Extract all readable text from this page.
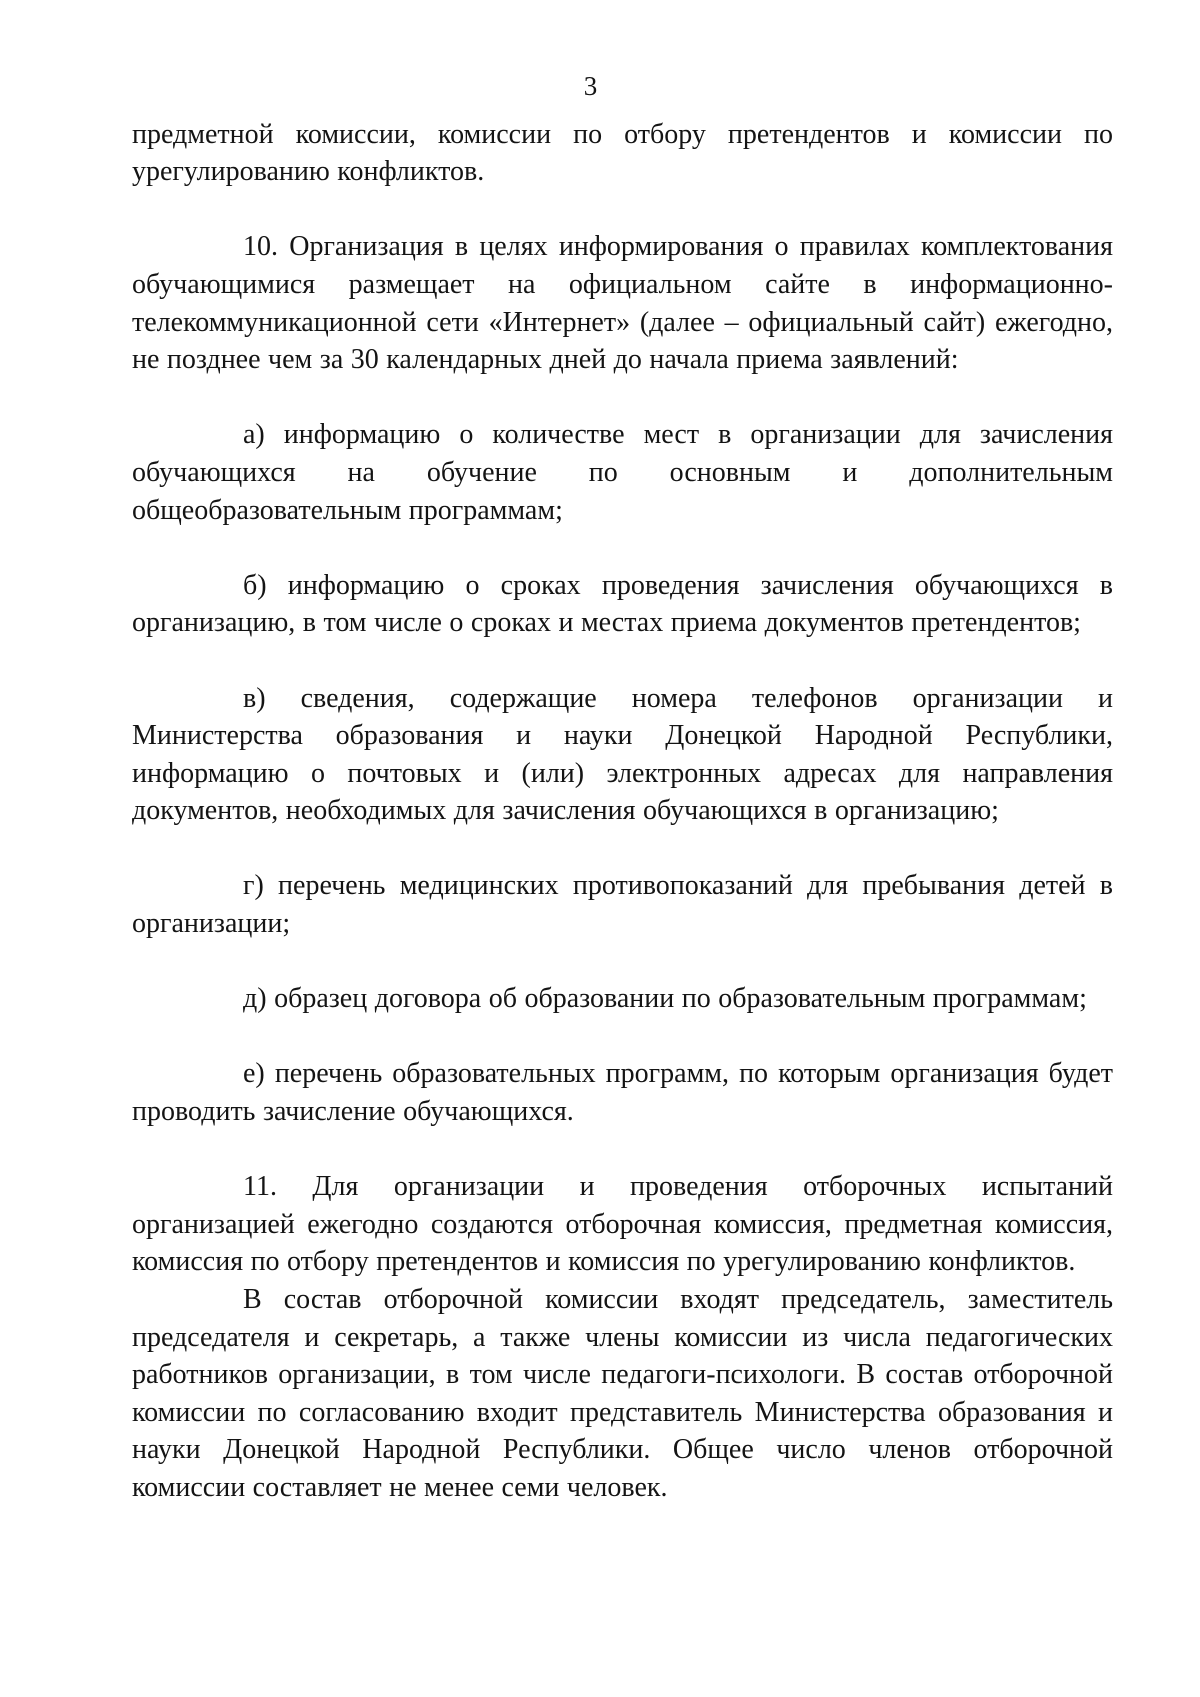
3

предметной комиссии, комиссии по отбору претендентов и комиссии по урегулированию конфликтов.

10. Организация в целях информирования о правилах комплектования обучающимися размещает на официальном сайте в информационно-телекоммуникационной сети «Интернет» (далее – официальный сайт) ежегодно, не позднее чем за 30 календарных дней до начала приема заявлений:

а) информацию о количестве мест в организации для зачисления обучающихся на обучение по основным и дополнительным общеобразовательным программам;

б) информацию о сроках проведения зачисления обучающихся в организацию, в том числе о сроках и местах приема документов претендентов;

в) сведения, содержащие номера телефонов организации и Министерства образования и науки Донецкой Народной Республики, информацию о почтовых и (или) электронных адресах для направления документов, необходимых для зачисления обучающихся в организацию;

г) перечень медицинских противопоказаний для пребывания детей в организации;

д) образец договора об образовании по образовательным программам;

е) перечень образовательных программ, по которым организация будет проводить зачисление обучающихся.

11. Для организации и проведения отборочных испытаний организацией ежегодно создаются отборочная комиссия, предметная комиссия, комиссия по отбору претендентов и комиссия по урегулированию конфликтов.

В состав отборочной комиссии входят председатель, заместитель председателя и секретарь, а также члены комиссии из числа педагогических работников организации, в том числе педагоги-психологи. В состав отборочной комиссии по согласованию входит представитель Министерства образования и науки Донецкой Народной Республики. Общее число членов отборочной комиссии составляет не менее семи человек.
